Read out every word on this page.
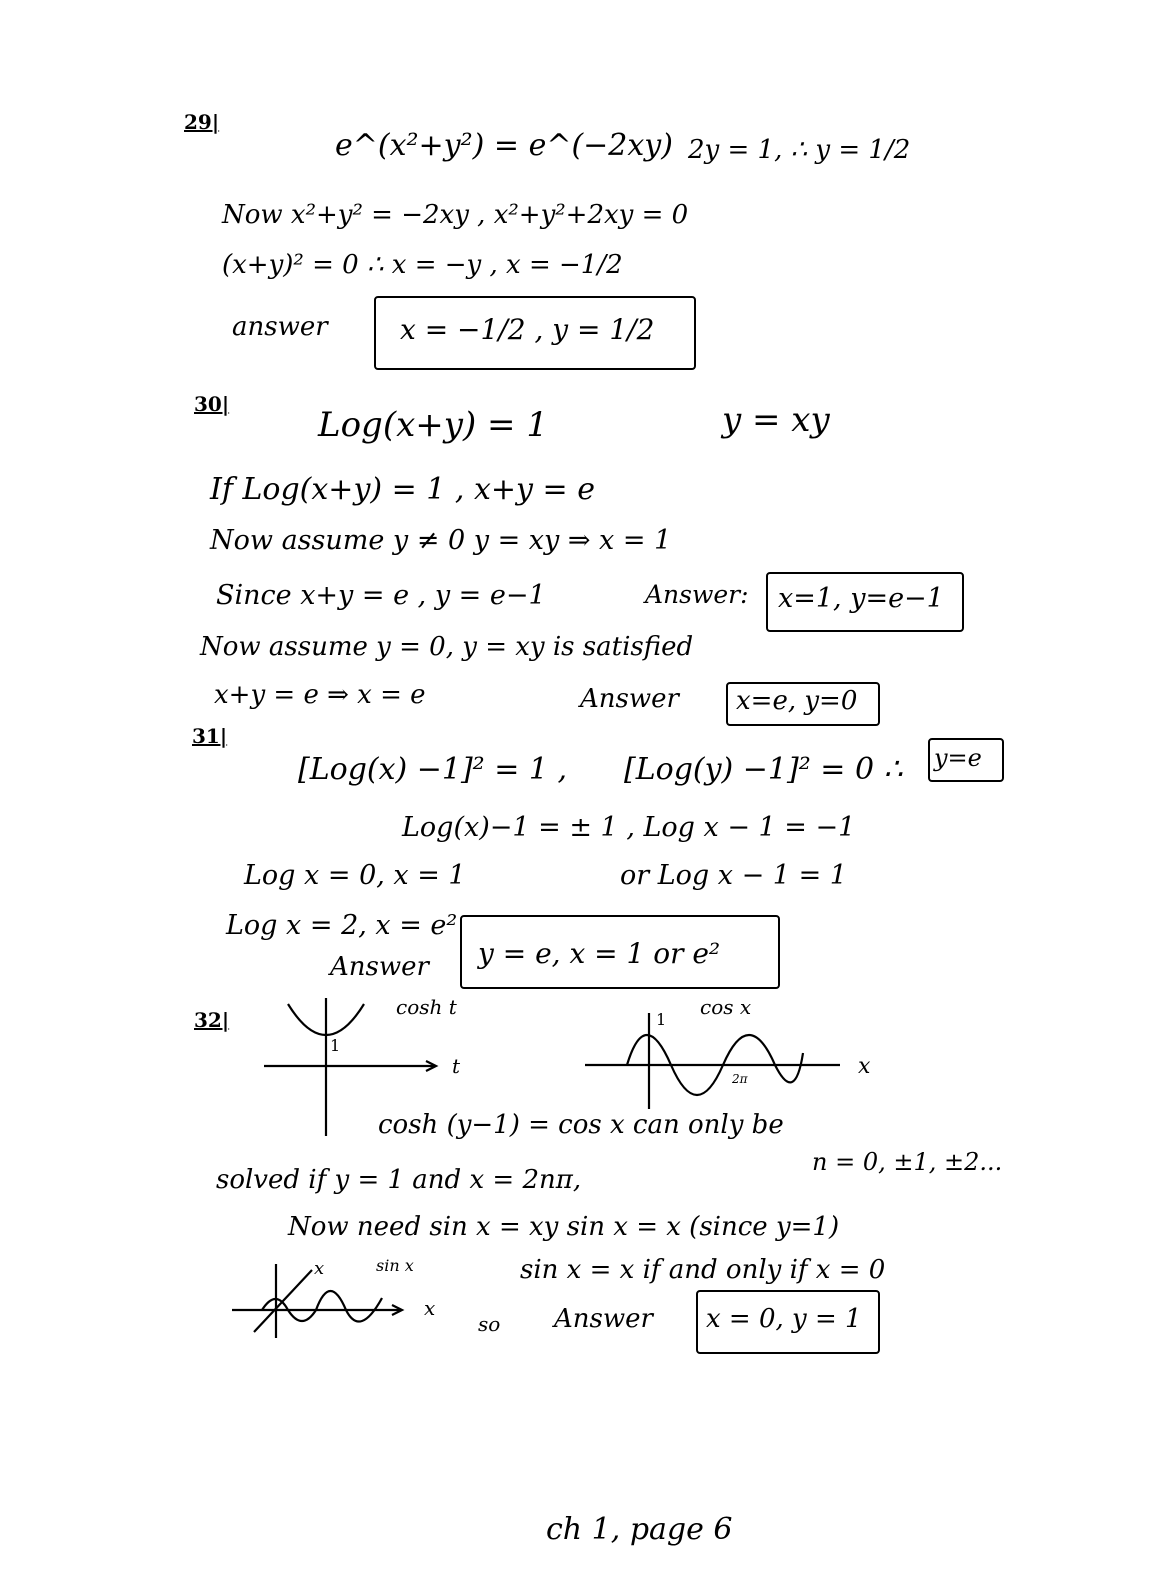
29|
e^(x²+y²) = e^(−2xy) 2y = 1, ∴ y = 1/2
Now x²+y² = −2xy , x²+y²+2xy = 0
(x+y)² = 0 ∴ x = −y , x = −1/2
answer	x = −1/2 , y = 1/2
30|
Log(x+y) = 1	y = xy
If Log(x+y) = 1 , x+y = e
Now assume y ≠ 0 y = xy ⇒ x = 1
Since x+y = e , y = e−1	Answer: x=1, y=e−1
Now assume y = 0, y = xy is satisfied
x+y = e ⇒ x = e	Answer x=e, y=0
31|
[Log(x) −1]² = 1 , [Log(y) −1]² = 0 ∴ y=e
Log(x)−1 = ± 1 , Log x − 1 = −1
Log x = 0, x = 1	or Log x − 1 = 1
Log x = 2, x = e²
Answer y = e, x = 1 or e²
32|
cosh t
1
t
cos x
1
2π	x
cosh (y−1) = cos x can only be
solved if y = 1 and x = 2nπ,
n = 0, ±1, ±2...
Now need sin x = xy sin x = x (since y=1)
x	sin x
x
sin x = x if and only if x = 0
so Answer x = 0, y = 1
ch 1, page 6
